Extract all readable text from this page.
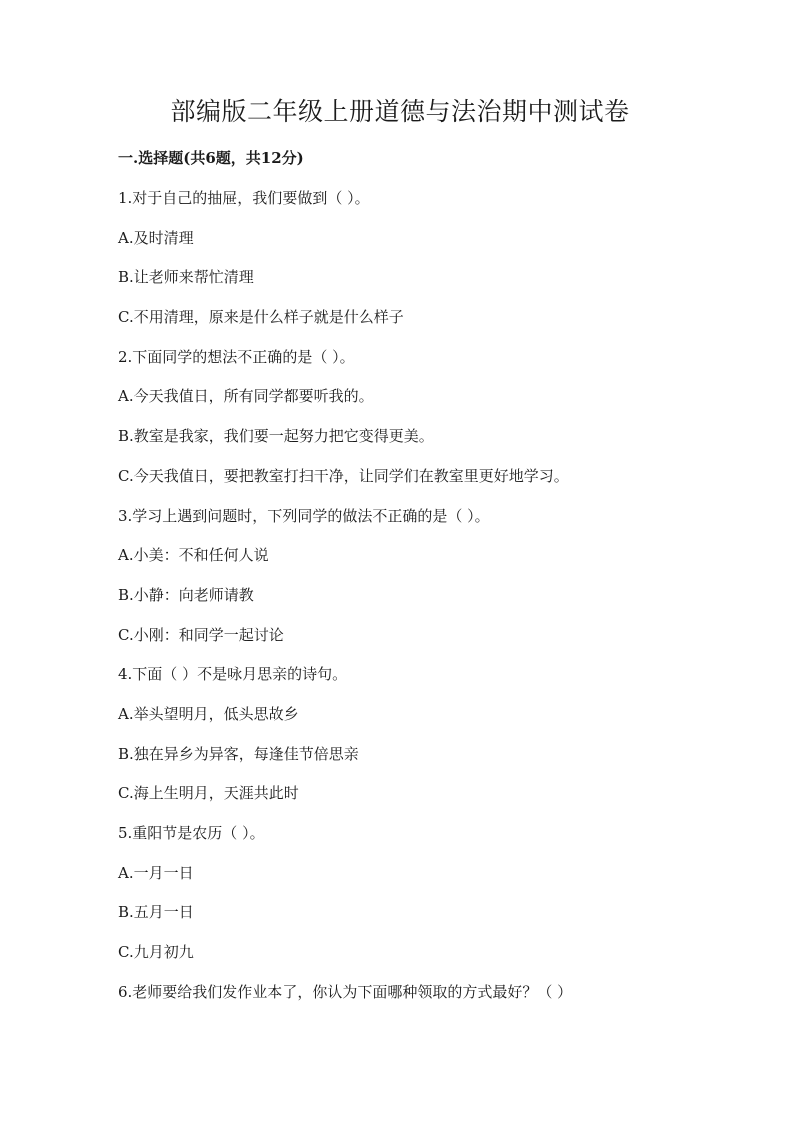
部编版二年级上册道德与法治期中测试卷
一.选择题(共6题，共12分)
1.对于自己的抽屉，我们要做到（ ）。
A.及时清理
B.让老师来帮忙清理
C.不用清理，原来是什么样子就是什么样子
2.下面同学的想法不正确的是（ ）。
A.今天我值日，所有同学都要听我的。
B.教室是我家，我们要一起努力把它变得更美。
C.今天我值日，要把教室打扫干净，让同学们在教室里更好地学习。
3.学习上遇到问题时，下列同学的做法不正确的是（ ）。
A.小美：不和任何人说
B.小静：向老师请教
C.小刚：和同学一起讨论
4.下面（ ）不是咏月思亲的诗句。
A.举头望明月，低头思故乡
B.独在异乡为异客，每逢佳节倍思亲
C.海上生明月，天涯共此时
5.重阳节是农历（ ）。
A.一月一日
B.五月一日
C.九月初九
6.老师要给我们发作业本了，你认为下面哪种领取的方式最好？（ ）
